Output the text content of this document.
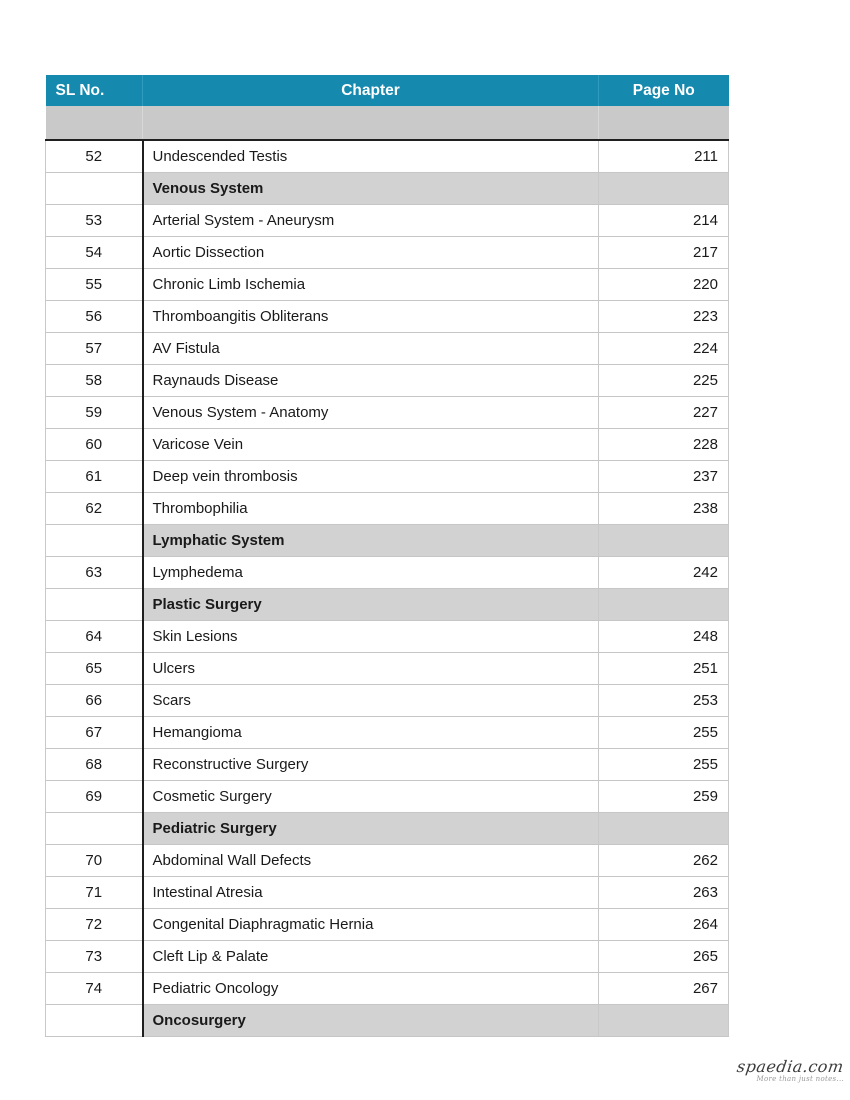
SL No.	Chapter	Page No

52	Undescended Testis	211
	Venous System	
53	Arterial System - Aneurysm	214
54	Aortic Dissection	217
55	Chronic Limb Ischemia	220
56	Thromboangitis Obliterans	223
57	AV Fistula	224
58	Raynauds Disease	225
59	Venous System - Anatomy	227
60	Varicose Vein	228
61	Deep vein thrombosis	237
62	Thrombophilia	238
	Lymphatic System	
63	Lymphedema	242
	Plastic Surgery	
64	Skin Lesions	248
65	Ulcers	251
66	Scars	253
67	Hemangioma	255
68	Reconstructive Surgery	255
69	Cosmetic Surgery	259
	Pediatric Surgery	
70	Abdominal Wall Defects	262
71	Intestinal Atresia	263
72	Congenital Diaphragmatic Hernia	264
73	Cleft Lip & Palate	265
74	Pediatric Oncology	267
	Oncosurgery	
spaedia.com
More than just notes...
